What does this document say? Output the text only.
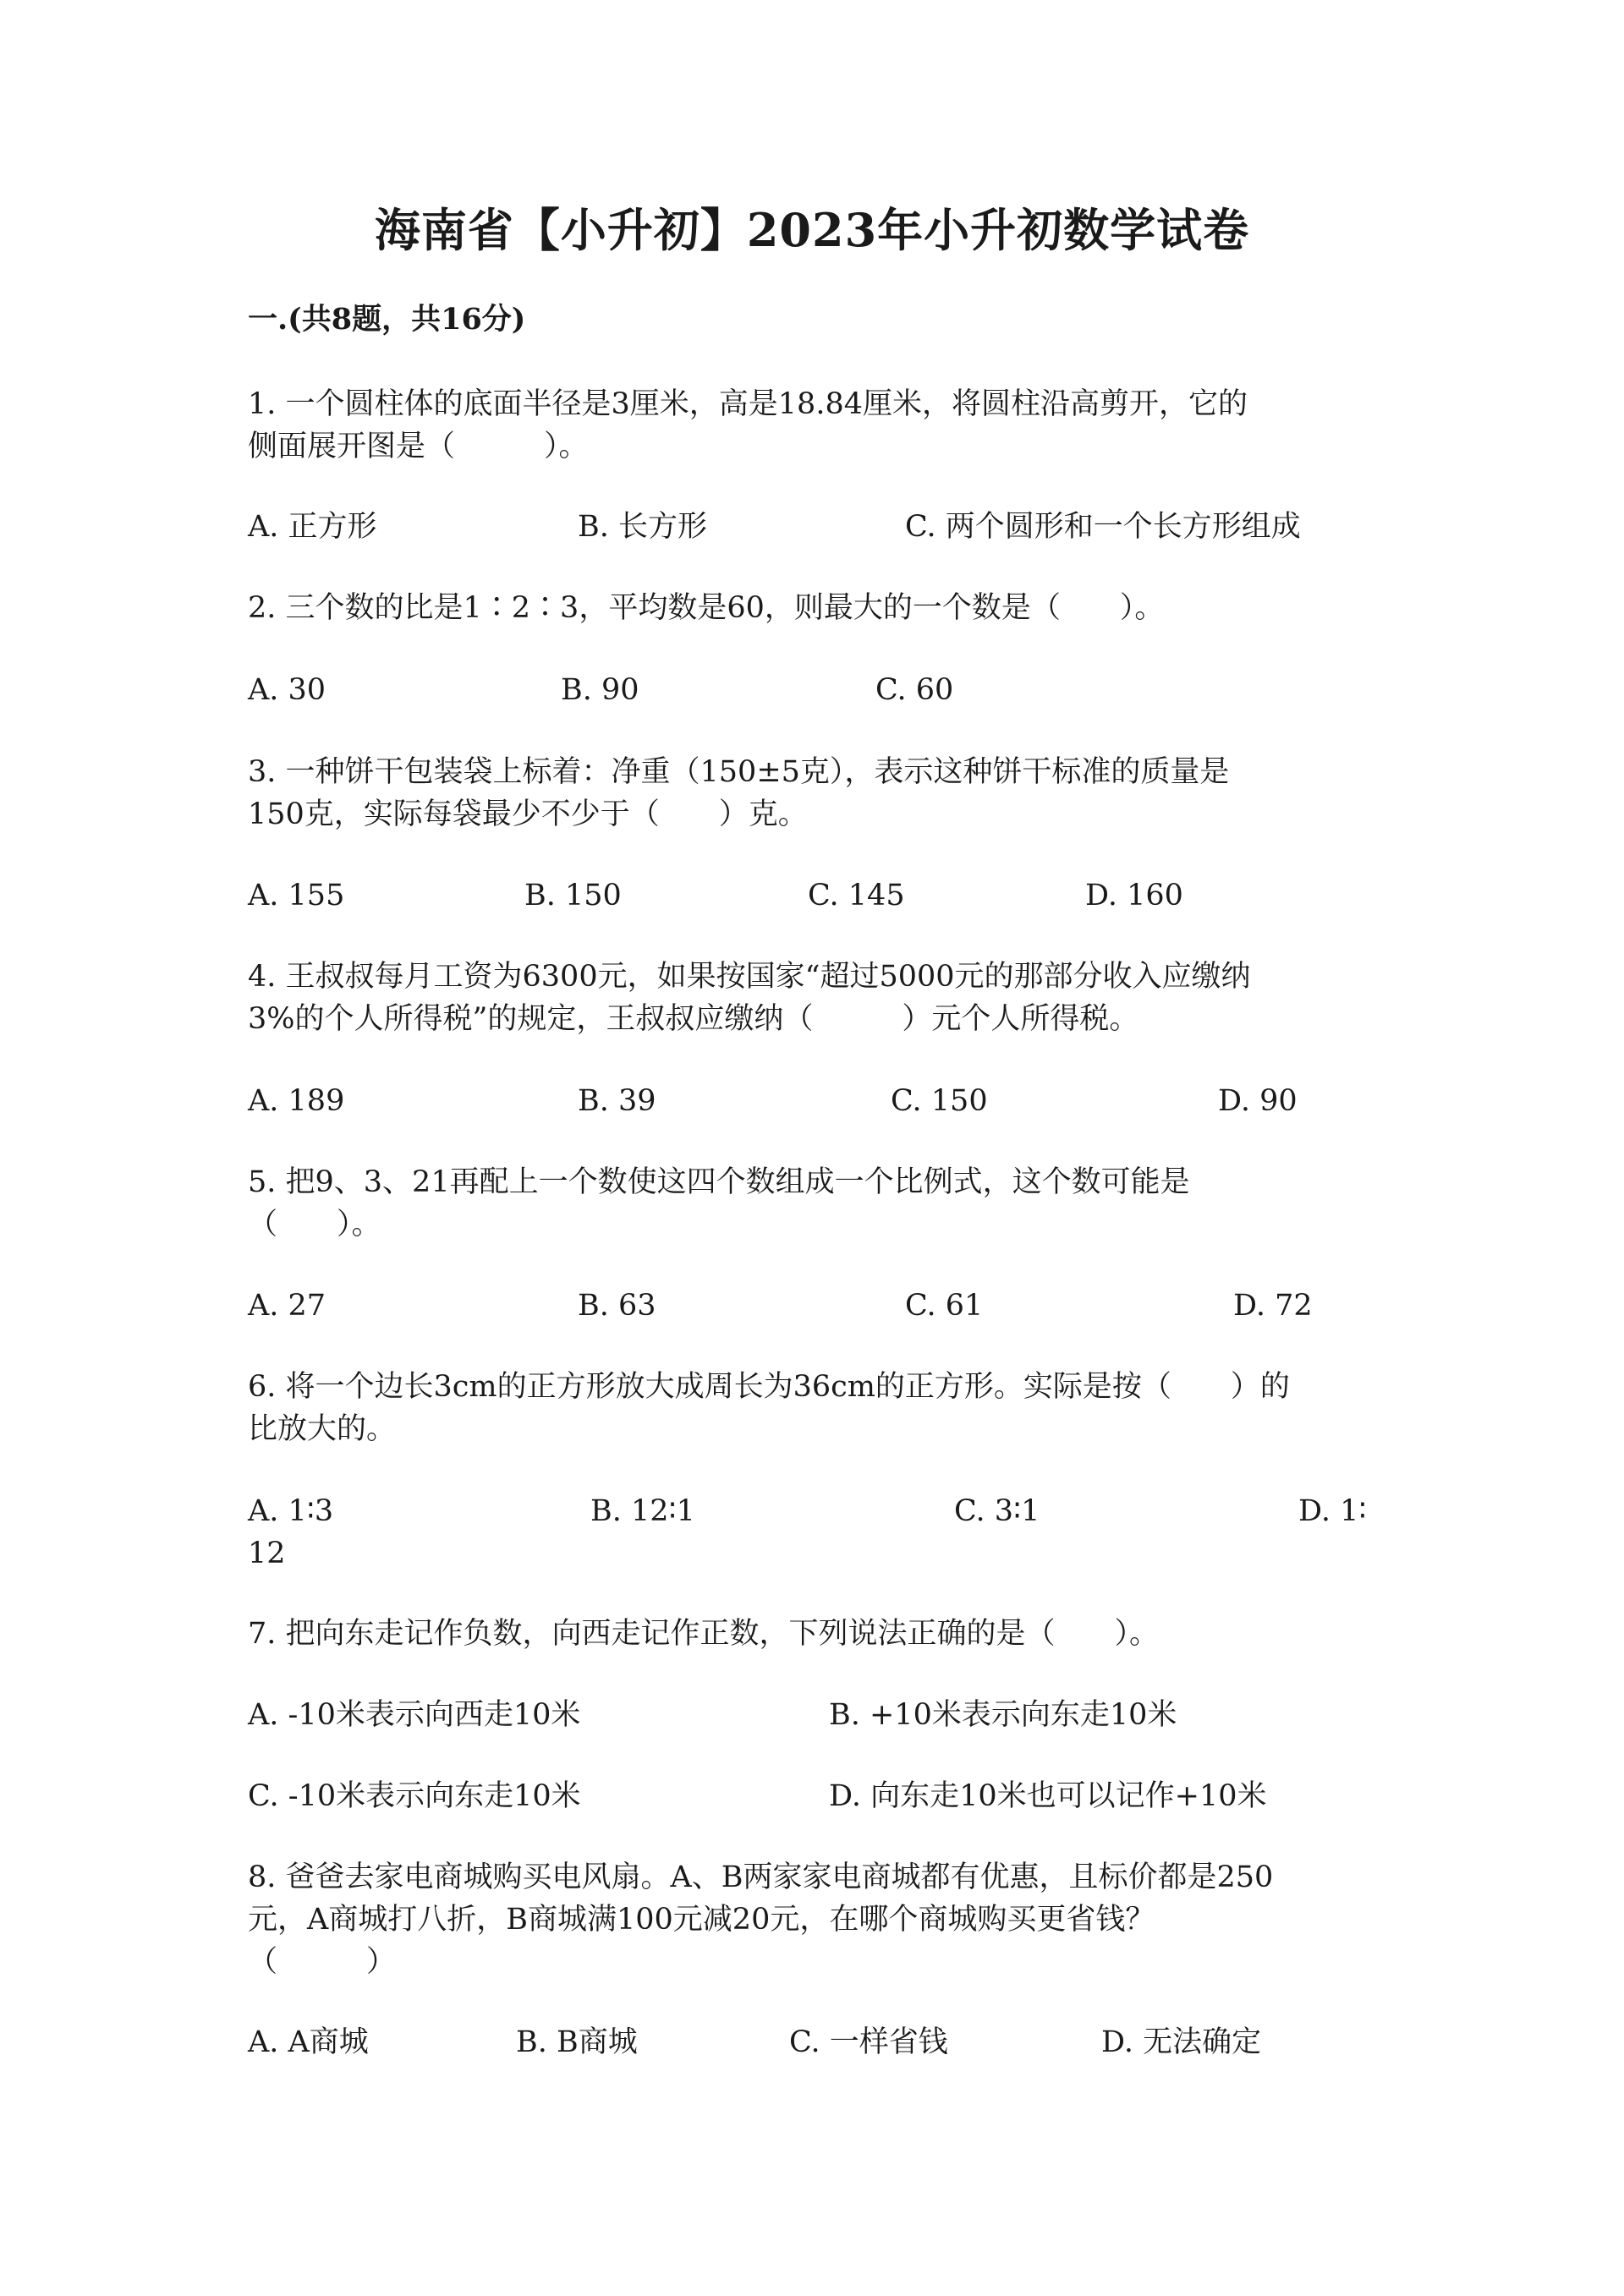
海南省【小升初】2023年小升初数学试卷
一.(共8题，共16分)
1. 一个圆柱体的底面半径是3厘米，高是18.84厘米，将圆柱沿高剪开，它的
侧面展开图是（　　　）。
A. 正方形	B. 长方形	C. 两个圆形和一个长方形组成
2. 三个数的比是1∶2∶3，平均数是60，则最大的一个数是（　　）。
A. 30	B. 90	C. 60
3. 一种饼干包装袋上标着：净重（150±5克），表示这种饼干标准的质量是
150克，实际每袋最少不少于（　　）克。
A. 155	B. 150	C. 145	D. 160
4. 王叔叔每月工资为6300元，如果按国家“超过5000元的那部分收入应缴纳
3%的个人所得税”的规定，王叔叔应缴纳（　　　）元个人所得税。
A. 189	B. 39	C. 150	D. 90
5. 把9、3、21再配上一个数使这四个数组成一个比例式，这个数可能是
（　　）。
A. 27	B. 63	C. 61	D. 72
6. 将一个边长3cm的正方形放大成周长为36cm的正方形。实际是按（　　）的
比放大的。
A. 1∶3	B. 12∶1	C. 3∶1	D. 1∶
12
7. 把向东走记作负数，向西走记作正数，下列说法正确的是（　　）。
A. -10米表示向西走10米	B. +10米表示向东走10米
C. -10米表示向东走10米	D. 向东走10米也可以记作+10米
8. 爸爸去家电商城购买电风扇。A、B两家家电商城都有优惠，且标价都是250
元，A商城打八折，B商城满100元减20元，在哪个商城购买更省钱？
（　　　）
A. A商城	B. B商城	C. 一样省钱	D. 无法确定
